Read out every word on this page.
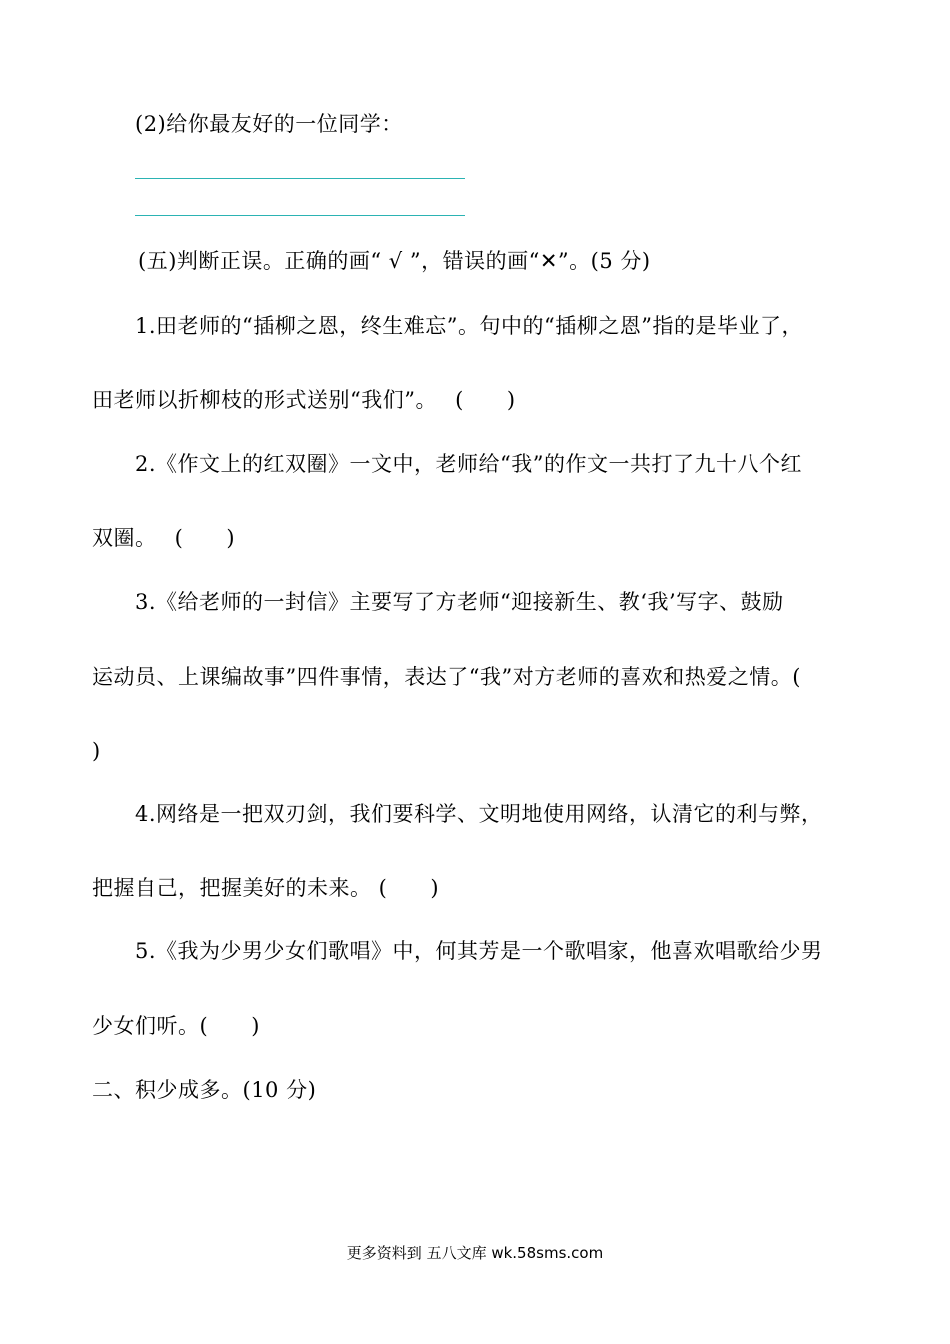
(2)给你最友好的一位同学：
(五)判断正误。正确的画“ √ ”，错误的画“✕”。(5 分)
1.田老师的“插柳之恩，终生难忘”。句中的“插柳之恩”指的是毕业了，
田老师以折柳枝的形式送别“我们”。　 (　　)
2.《作文上的红双圈》一文中，老师给“我”的作文一共打了九十八个红
双圈。　 (　　)
3.《给老师的一封信》主要写了方老师“迎接新生、教‘我’写字、鼓励
运动员、上课编故事”四件事情，表达了“我”对方老师的喜欢和热爱之情。(
)
4.网络是一把双刃剑，我们要科学、文明地使用网络，认清它的利与弊，
把握自己，把握美好的未来。 (　　)
5.《我为少男少女们歌唱》中，何其芳是一个歌唱家，他喜欢唱歌给少男
少女们听。(　　)
二、积少成多。(10 分)
更多资料到 五八文库 wk.58sms.com
